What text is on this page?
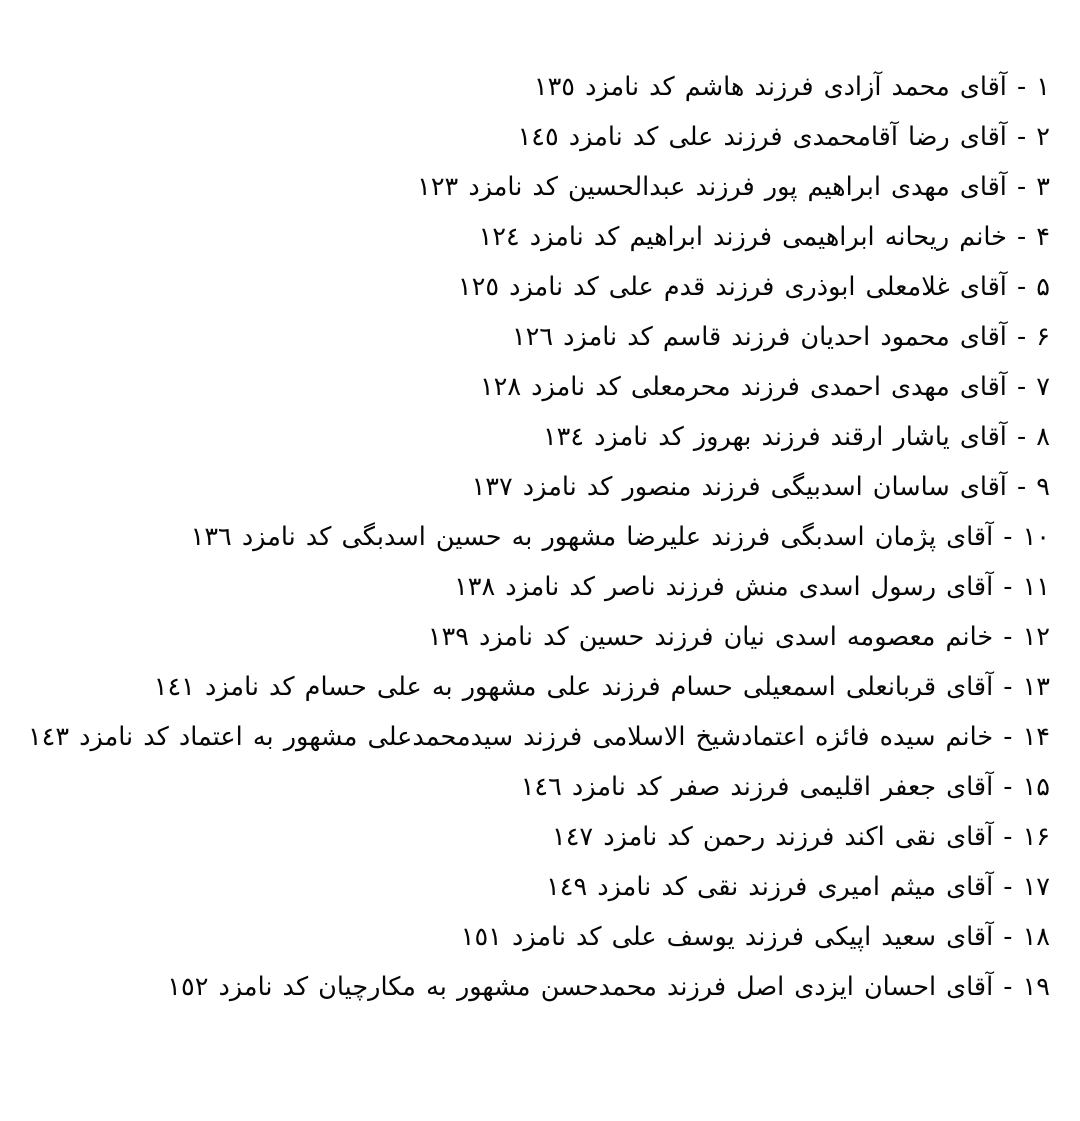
١ - آقای محمد آزادی فرزند هاشم کد نامزد ١٣٥
٢ - آقای رضا آقامحمدی فرزند علی کد نامزد ١٤٥
٣ - آقای مهدی ابراهیم پور فرزند عبدالحسین کد نامزد ١٢٣
۴ - خانم ریحانه ابراهیمی فرزند ابراهیم کد نامزد ١٢٤
۵ - آقای غلامعلی ابوذری فرزند قدم علی کد نامزد ١٢٥
۶ - آقای محمود احدیان فرزند قاسم کد نامزد ١٢٦
۷ - آقای مهدی احمدی فرزند محرمعلی کد نامزد ١٢٨
۸ - آقای یاشار ارقند فرزند بهروز کد نامزد ١٣٤
۹ - آقای ساسان اسدبیگی فرزند منصور کد نامزد ١٣٧
١٠ - آقای پژمان اسدبگی فرزند علیرضا مشهور به حسین اسدبگی کد نامزد ١٣٦
١١ - آقای رسول اسدی منش فرزند ناصر کد نامزد ١٣٨
١٢ - خانم معصومه اسدی نیان فرزند حسین کد نامزد ١٣٩
١٣ - آقای قربانعلی اسمعیلی حسام فرزند علی مشهور به علی حسام کد نامزد ١٤١
١۴ - خانم سیده فائزه اعتمادشیخ الاسلامی فرزند سیدمحمدعلی مشهور به اعتماد کد نامزد ١٤٣
١۵ - آقای جعفر اقلیمی فرزند صفر کد نامزد ١٤٦
١۶ - آقای نقی اکند فرزند رحمن کد نامزد ١٤٧
١۷ - آقای میثم امیری فرزند نقی کد نامزد ١٤٩
١۸ - آقای سعید اپیکی فرزند یوسف علی کد نامزد ١٥١
١۹ - آقای احسان ایزدی اصل فرزند محمدحسن مشهور به مکارچیان کد نامزد ١٥٢
